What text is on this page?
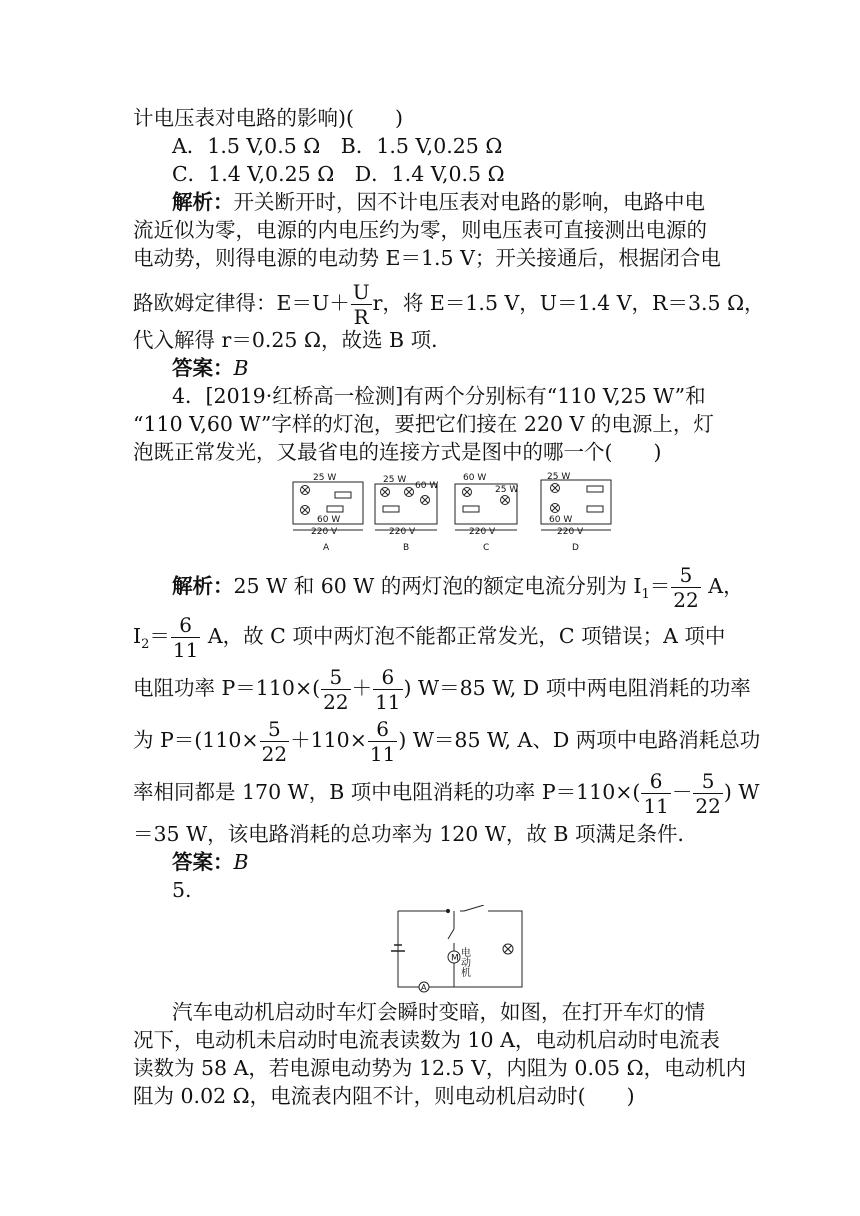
计电压表对电路的影响)(　　)
A．1.5 V,0.5 Ω　 B．1.5 V,0.25 Ω
C．1.4 V,0.25 Ω　 D．1.4 V,0.5 Ω
解析：开关断开时，因不计电压表对电路的影响，电路中电
流近似为零，电源的内电压约为零，则电压表可直接测出电源的
电动势，则得电源的电动势 E＝1.5 V；开关接通后，根据闭合电
路欧姆定律得：$E=U+ \frac{U}{R}$ r，将 E＝1.5 V，U＝1.4 V，R＝3.5 Ω，
代入解得 r＝0.25 Ω，故选 B 项．
答案：B
4．[2019·红桥高一检测]有两个分别标有“110 V,25 W”和
“110 V,60 W”字样的灯泡，要把它们接在 220 V 的电源上，灯
泡既正常发光，又最省电的连接方式是图中的哪一个(　　)
25 W
60 W
220 V
25 W
60 W
220 V
60 W
25 W
220 V
25 W
60 W
220 V
A	B	C	D
解析：25 W 和 60 W 的两灯泡的额定电流分别为 $I_1= \frac{5}{22}$ A，
$I_2= \frac{6}{11}$ A，故 C 项中两灯泡不能都正常发光，C 项错误；A 项中
电阻功率 $P=110\times( \frac{5}{22} + \frac{6}{11}$ ) W＝85 W, D 项中两电阻消耗的功率
为 $P=(110\times \frac{5}{22} +110\times \frac{6}{11}$ ) W＝85 W, A、D 两项中电路消耗总功
率相同都是 170 W，B 项中电阻消耗的功率 $P=110\times( \frac{6}{11} - \frac{5}{22}$ ) W
＝35 W，该电路消耗的总功率为 120 W，故 B 项满足条件．
答案：B
5.
M
A
电动机
汽车电动机启动时车灯会瞬时变暗，如图，在打开车灯的情
况下，电动机未启动时电流表读数为 10 A，电动机启动时电流表
读数为 58 A，若电源电动势为 12.5 V，内阻为 0.05 Ω，电动机内
阻为 0.02 Ω，电流表内阻不计，则电动机启动时(　　)
